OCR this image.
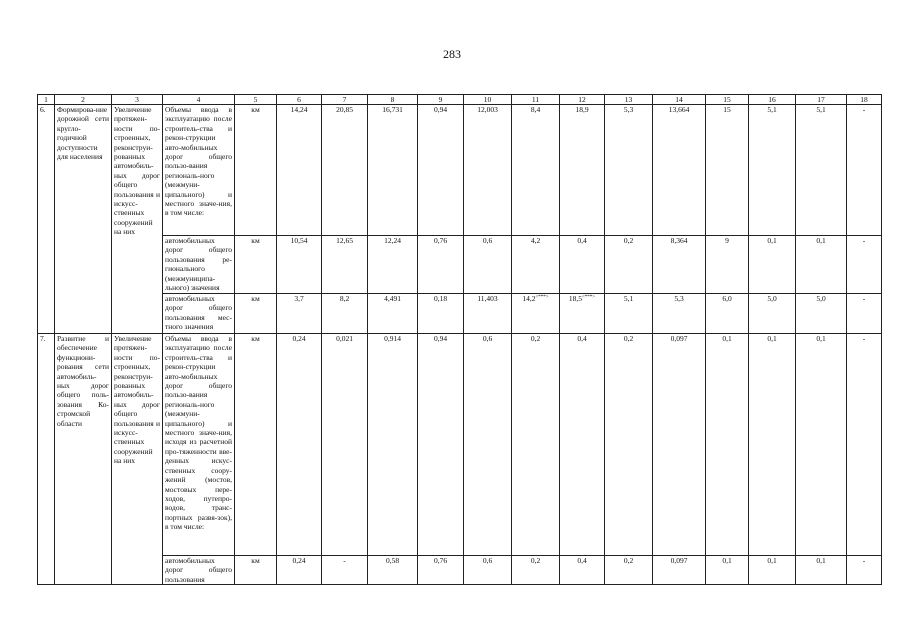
283
1	2	3	4	5	6	7	8	9	10	11	12	13	14	15	16	17	18
6.	Формирова-ние дорожной сети кругло-годичной доступности для населения	Увеличение протяжен-ности по-строенных, реконструи-рованных автомобиль-ных дорог общего пользования и искусс-ственных сооружений на них	Объемы ввода в эксплуатацию после строитель-ства и рекон-струкции авто-мобильных дорог общего пользо-вания региональ-ного (межмуни-ципального) и местного значе-ния, в том числе:	км	14,24	20,85	16,731	0,94	12,003	8,4	18,9	5,3	13,664	15	5,1	5,1	-
			автомобильных дорог общего пользования ре-гионального (межмуниципа-льного) значения	км	10,54	12,65	12,24	0,76	0,6	4,2	0,4	0,2	8,364	9	0,1	0,1	-
			автомобильных дорог общего пользования мес-тного значения	км	3,7	8,2	4,491	0,18	11,403	14,2<***>	18,5<***>	5,1	5,3	6,0	5,0	5,0	-
7.	Развитие и обеспечение функциони-рования сети автомобиль-ных дорог общего поль-зования Ко-стромской области	Увеличение протяжен-ности по-строенных, реконструи-рованных автомобиль-ных дорог общего пользования и искусс-ственных сооружений на них	Объемы ввода в эксплуатацию после строитель-ства и рекон-струкции авто-мобильных дорог общего пользо-вания региональ-ного (межмуни-ципального) и местного значе-ния, исходя из расчетной про-тяженности вве-денных искус-ственных соору-жений (мостов, мостовых пере-ходов, путепро-водов, транс-портных развя-зок), в том числе:	км	0,24	0,021	0,914	0,94	0,6	0,2	0,4	0,2	0,097	0,1	0,1	0,1	-
			автомобильных дорог общего пользования	км	0,24	-	0,58	0,76	0,6	0,2	0,4	0,2	0,097	0,1	0,1	0,1	-
